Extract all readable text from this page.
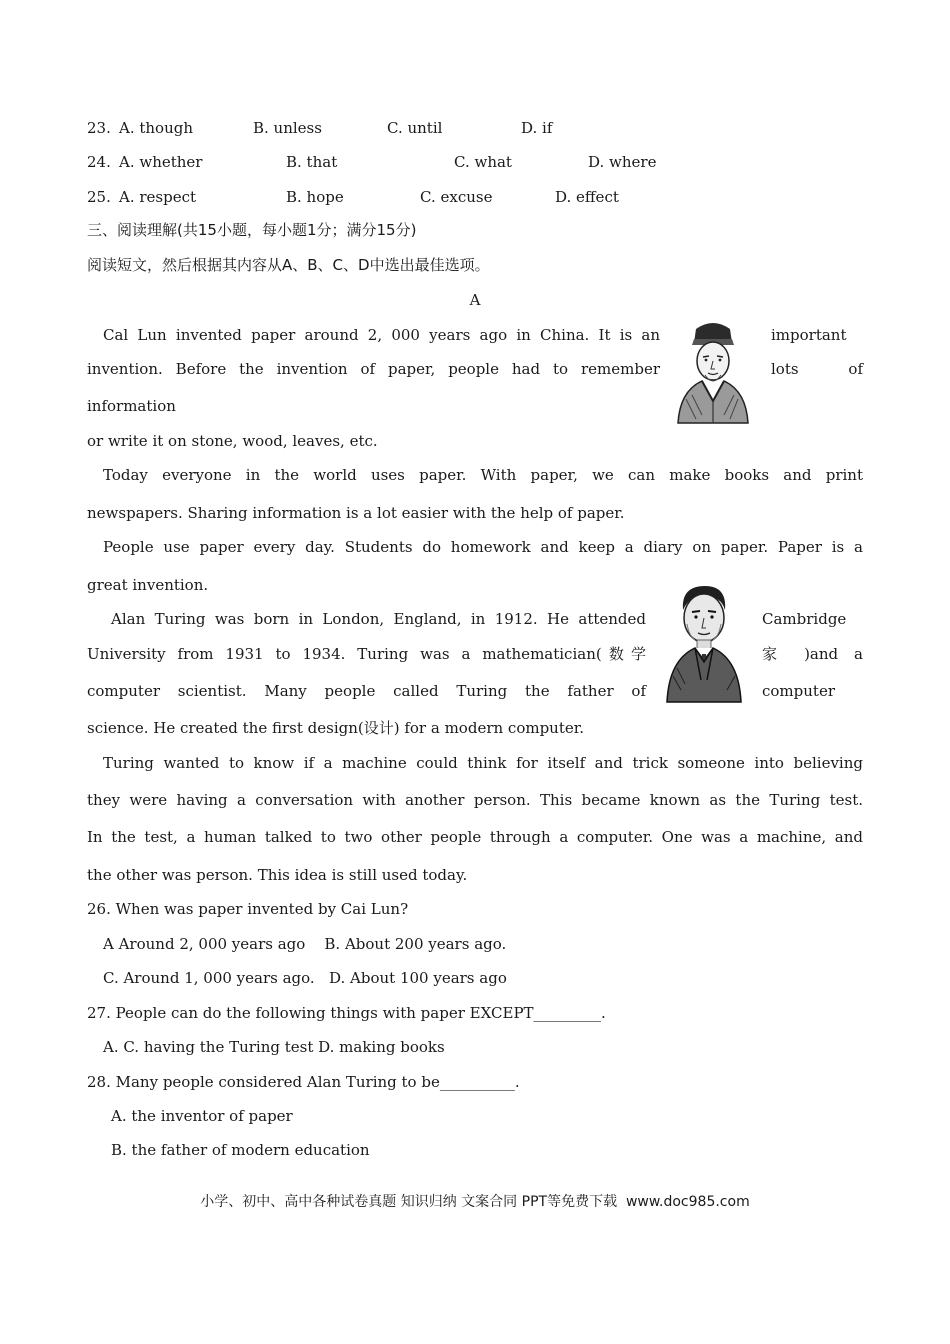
23. A. though	B. unless	C. until	D. if
24. A. whether	B. that	C. what	D. where
25. A. respect	B. hope	C. excuse	D. effect
三、阅读理解(共15小题，每小题1分；满分15分)
阅读短文，然后根据其内容从A、B、C、D中选出最佳选项。
A
Cal Lun invented paper around 2, 000 years ago in China. It is an	important
invention. Before the invention of paper, people had to remember	lots of
information
or write it on stone, wood, leaves, etc.
Today everyone in the world uses paper. With paper, we can make books and print
newspapers. Sharing information is a lot easier with the help of paper.
People use paper every day. Students do homework and keep a diary on paper. Paper is a
great invention.
Alan Turing was born in London, England, in 1912. He attended	Cambridge
University from 1931 to 1934. Turing was a mathematician(数学	家 )and a
computer scientist. Many people called Turing the father of	computer
science. He created the first design(设计) for a modern computer.
Turing wanted to know if a machine could think for itself and trick someone into believing
they were having a conversation with another person. This became known as the Turing test.
In the test, a human talked to two other people through a computer. One was a machine, and
the other was person. This idea is still used today.
26. When was paper invented by Cai Lun?
A Around 2, 000 years ago    B. About 200 years ago.
C. Around 1, 000 years ago.   D. About 100 years ago
27. People can do the following things with paper EXCEPT_________.
A. C. having the Turing test D. making books
28. Many people considered Alan Turing to be__________.
A. the inventor of paper
B. the father of modern education
小学、初中、高中各种试卷真题 知识归纳 文案合同 PPT等免费下载  www.doc985.com
